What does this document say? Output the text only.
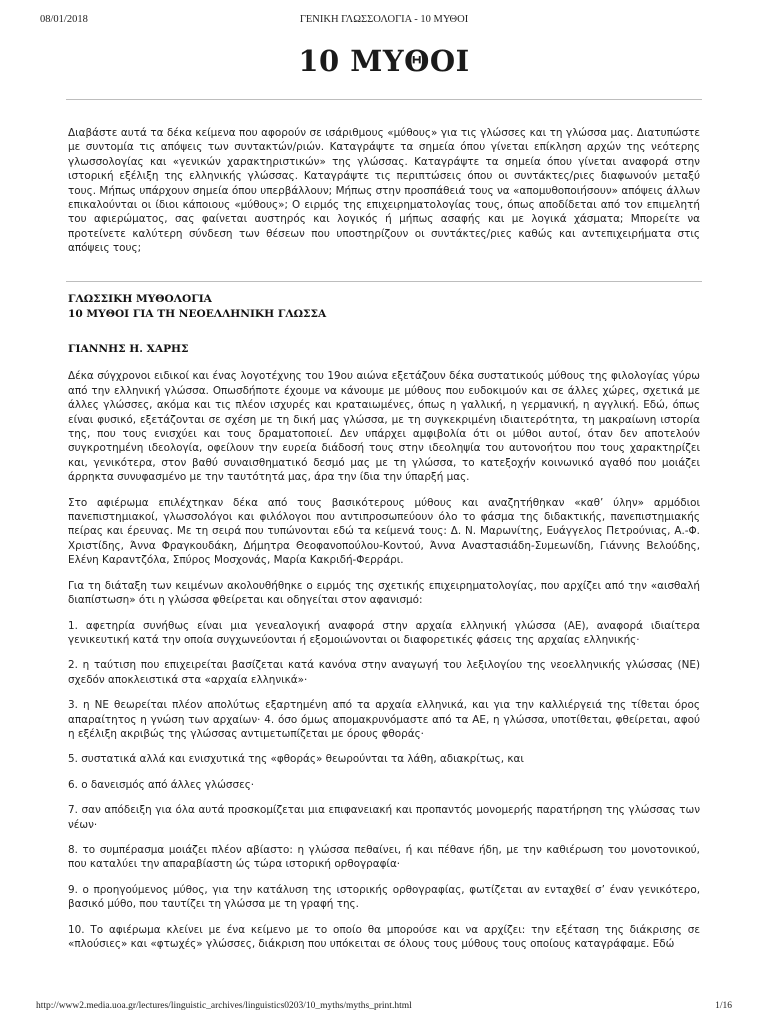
08/01/2018	ΓΕΝΙΚΗ ΓΛΩΣΣΟΛΟΓΙΑ - 10 ΜΥΘΟΙ
10 ΜΥΘΟΙ

Διαβάστε αυτά τα δέκα κείμενα που αφορούν σε ισάριθμους «μύθους» για τις γλώσσες και τη γλώσσα μας. Διατυπώστε με συντομία τις απόψεις των συντακτών/ριών. Καταγράψτε τα σημεία όπου γίνεται επίκληση αρχών της νεότερης γλωσσολογίας και «γενικών χαρακτηριστικών» της γλώσσας. Καταγράψτε τα σημεία όπου γίνεται αναφορά στην ιστορική εξέλιξη της ελληνικής γλώσσας. Καταγράψτε τις περιπτώσεις όπου οι συντάκτες/ριες διαφωνούν μεταξύ τους. Μήπως υπάρχουν σημεία όπου υπερβάλλουν; Μήπως στην προσπάθειά τους να «απομυθοποιήσουν» απόψεις άλλων επικαλούνται οι ίδιοι κάποιους «μύθους»; Ο ειρμός της επιχειρηματολογίας τους, όπως αποδίδεται από τον επιμελητή του αφιερώματος, σας φαίνεται αυστηρός και λογικός ή μήπως ασαφής και με λογικά χάσματα; Μπορείτε να προτείνετε καλύτερη σύνδεση των θέσεων που υποστηρίζουν οι συντάκτες/ριες καθώς και αντεπιχειρήματα στις απόψεις τους;

ΓΛΩΣΣΙΚΗ ΜΥΘΟΛΟΓΙΑ
10 ΜΥΘΟΙ ΓΙΑ ΤΗ ΝΕΟΕΛΛΗΝΙΚΗ ΓΛΩΣΣΑ
ΓΙΑΝΝΗΣ Η. ΧΑΡΗΣ

Δέκα σύγχρονοι ειδικοί και ένας λογοτέχνης του 19ου αιώνα εξετάζουν δέκα συστατικούς μύθους της φιλολογίας γύρω από την ελληνική γλώσσα. Οπωσδήποτε έχουμε να κάνουμε με μύθους που ευδοκιμούν και σε άλλες χώρες, σχετικά με άλλες γλώσσες, ακόμα και τις πλέον ισχυρές και κραταιωμένες, όπως η γαλλική, η γερμανική, η αγγλική. Εδώ, όπως είναι φυσικό, εξετάζονται σε σχέση με τη δική μας γλώσσα, με τη συγκεκριμένη ιδιαιτερότητα, τη μακραίωνη ιστορία της, που τους ενισχύει και τους δραματοποιεί. Δεν υπάρχει αμφιβολία ότι οι μύθοι αυτοί, όταν δεν αποτελούν συγκροτημένη ιδεολογία, οφείλουν την ευρεία διάδοσή τους στην ιδεοληψία του αυτονοήτου που τους χαρακτηρίζει και, γενικότερα, στον βαθύ συναισθηματικό δεσμό μας με τη γλώσσα, το κατεξοχήν κοινωνικό αγαθό που μοιάζει άρρηκτα συνυφασμένο με την ταυτότητά μας, άρα την ίδια την ύπαρξή μας.

Στο αφιέρωμα επιλέχτηκαν δέκα από τους βασικότερους μύθους και αναζητήθηκαν «καθ’ ύλην» αρμόδιοι πανεπιστημιακοί, γλωσσολόγοι και φιλόλογοι που αντιπροσωπεύουν όλο το φάσμα της διδακτικής, πανεπιστημιακής πείρας και έρευνας. Με τη σειρά που τυπώνονται εδώ τα κείμενά τους: Δ. Ν. Μαρωνίτης, Ευάγγελος Πετρούνιας, Α.-Φ. Χριστίδης, Άννα Φραγκουδάκη, Δήμητρα Θεοφανοπούλου-Κοντού, Άννα Αναστασιάδη-Συμεωνίδη, Γιάννης Βελούδης, Ελένη Καραντζόλα, Σπύρος Μοσχονάς, Μαρία Κακριδή-Φερράρι.

Για τη διάταξη των κειμένων ακολουθήθηκε ο ειρμός της σχετικής επιχειρηματολογίας, που αρχίζει από την «αισθαλή διαπίστωση» ότι η γλώσσα φθείρεται και οδηγείται στον αφανισμό:

1. αφετηρία συνήθως είναι μια γενεαλογική αναφορά στην αρχαία ελληνική γλώσσα (ΑΕ), αναφορά ιδιαίτερα γενικευτική κατά την οποία συγχωνεύονται ή εξομοιώνονται οι διαφορετικές φάσεις της αρχαίας ελληνικής·

2. η ταύτιση που επιχειρείται βασίζεται κατά κανόνα στην αναγωγή του λεξιλογίου της νεοελληνικής γλώσσας (ΝΕ) σχεδόν αποκλειστικά στα «αρχαία ελληνικά»·

3. η ΝΕ θεωρείται πλέον απολύτως εξαρτημένη από τα αρχαία ελληνικά, και για την καλλιέργειά της τίθεται όρος απαραίτητος η γνώση των αρχαίων· 4. όσο όμως απομακρυνόμαστε από τα ΑΕ, η γλώσσα, υποτίθεται, φθείρεται, αφού η εξέλιξη ακριβώς της γλώσσας αντιμετωπίζεται με όρους φθοράς·

5. συστατικά αλλά και ενισχυτικά της «φθοράς» θεωρούνται τα λάθη, αδιακρίτως, και

6. ο δανεισμός από άλλες γλώσσες·

7. σαν απόδειξη για όλα αυτά προσκομίζεται μια επιφανειακή και προπαντός μονομερής παρατήρηση της γλώσσας των νέων·

8. το συμπέρασμα μοιάζει πλέον αβίαστο: η γλώσσα πεθαίνει, ή και πέθανε ήδη, με την καθιέρωση του μονοτονικού, που καταλύει την απαραβίαστη ώς τώρα ιστορική ορθογραφία·

9. ο προηγούμενος μύθος, για την κατάλυση της ιστορικής ορθογραφίας, φωτίζεται αν ενταχθεί σ’ έναν γενικότερο, βασικό μύθο, που ταυτίζει τη γλώσσα με τη γραφή της.

10. Το αφιέρωμα κλείνει με ένα κείμενο με το οποίο θα μπορούσε και να αρχίζει: την εξέταση της διάκρισης σε «πλούσιες» και «φτωχές» γλώσσες, διάκριση που υπόκειται σε όλους τους μύθους τους οποίους καταγράφαμε. Εδώ

http://www2.media.uoa.gr/lectures/linguistic_archives/linguistics0203/10_myths/myths_print.html	1/16
